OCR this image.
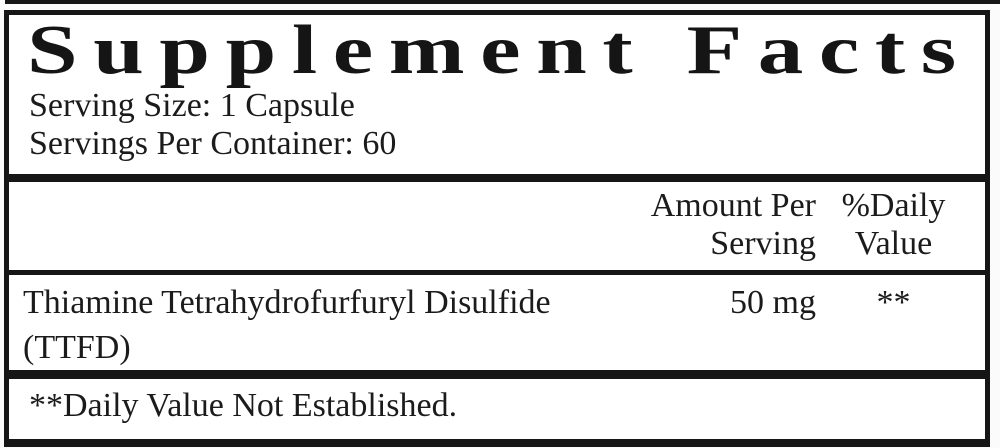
Supplement Facts
Serving Size: 1 Capsule
Servings Per Container: 60
Amount Per
Serving
%Daily
Value
Thiamine Tetrahydrofurfuryl Disulfide
(TTFD)
50 mg	**
**Daily Value Not Established.
